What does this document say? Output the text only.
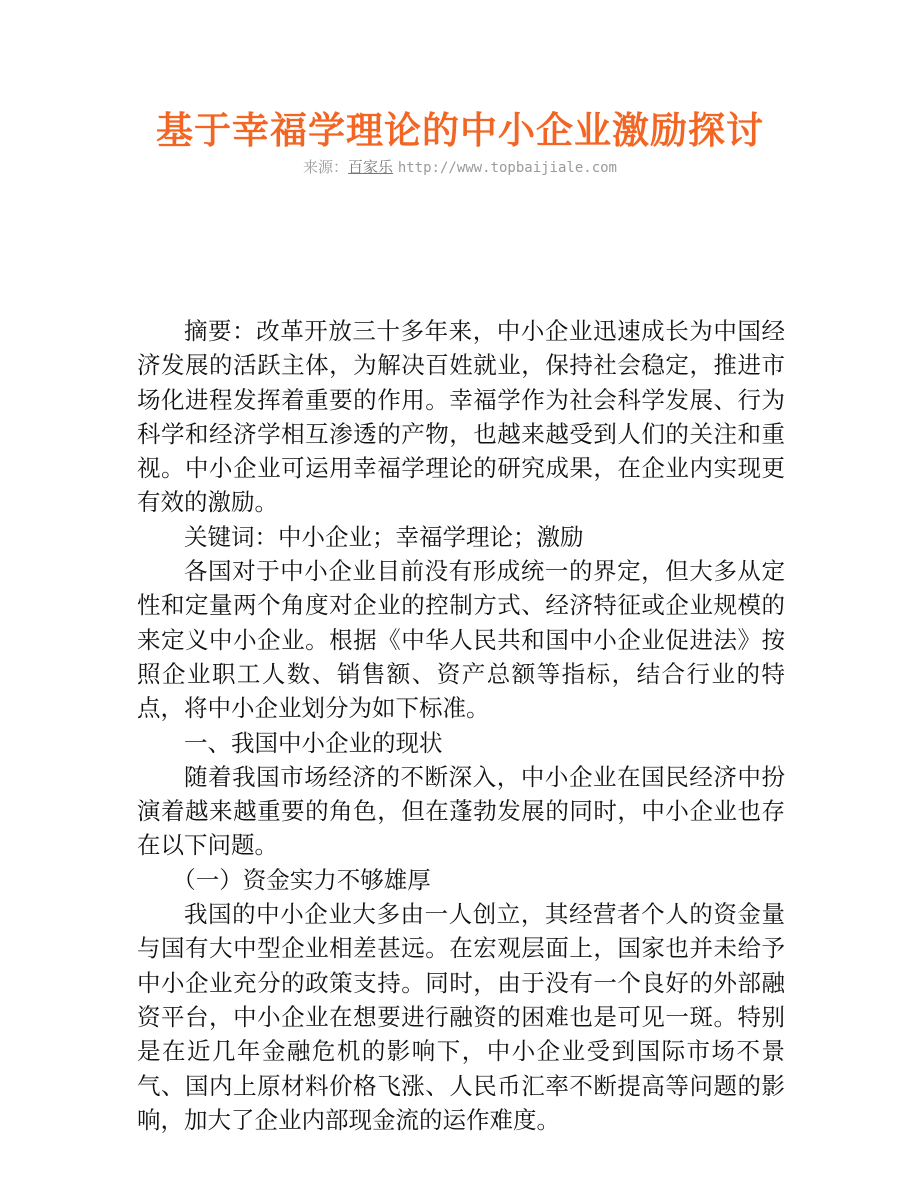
基于幸福学理论的中小企业激励探讨
来源：百家乐 http://www.topbaijiale.com

摘要：改革开放三十多年来，中小企业迅速成长为中国经济发展的活跃主体，为解决百姓就业，保持社会稳定，推进市场化进程发挥着重要的作用。幸福学作为社会科学发展、行为科学和经济学相互渗透的产物，也越来越受到人们的关注和重视。中小企业可运用幸福学理论的研究成果，在企业内实现更有效的激励。

关键词：中小企业；幸福学理论；激励

各国对于中小企业目前没有形成统一的界定，但大多从定性和定量两个角度对企业的控制方式、经济特征或企业规模的来定义中小企业。根据《中华人民共和国中小企业促进法》按照企业职工人数、销售额、资产总额等指标，结合行业的特点，将中小企业划分为如下标准。

一、我国中小企业的现状

随着我国市场经济的不断深入，中小企业在国民经济中扮演着越来越重要的角色，但在蓬勃发展的同时，中小企业也存在以下问题。

（一）资金实力不够雄厚

我国的中小企业大多由一人创立，其经营者个人的资金量与国有大中型企业相差甚远。在宏观层面上，国家也并未给予中小企业充分的政策支持。同时，由于没有一个良好的外部融资平台，中小企业在想要进行融资的困难也是可见一斑。特别是在近几年金融危机的影响下，中小企业受到国际市场不景气、国内上原材料价格飞涨、人民币汇率不断提高等问题的影响，加大了企业内部现金流的运作难度。
